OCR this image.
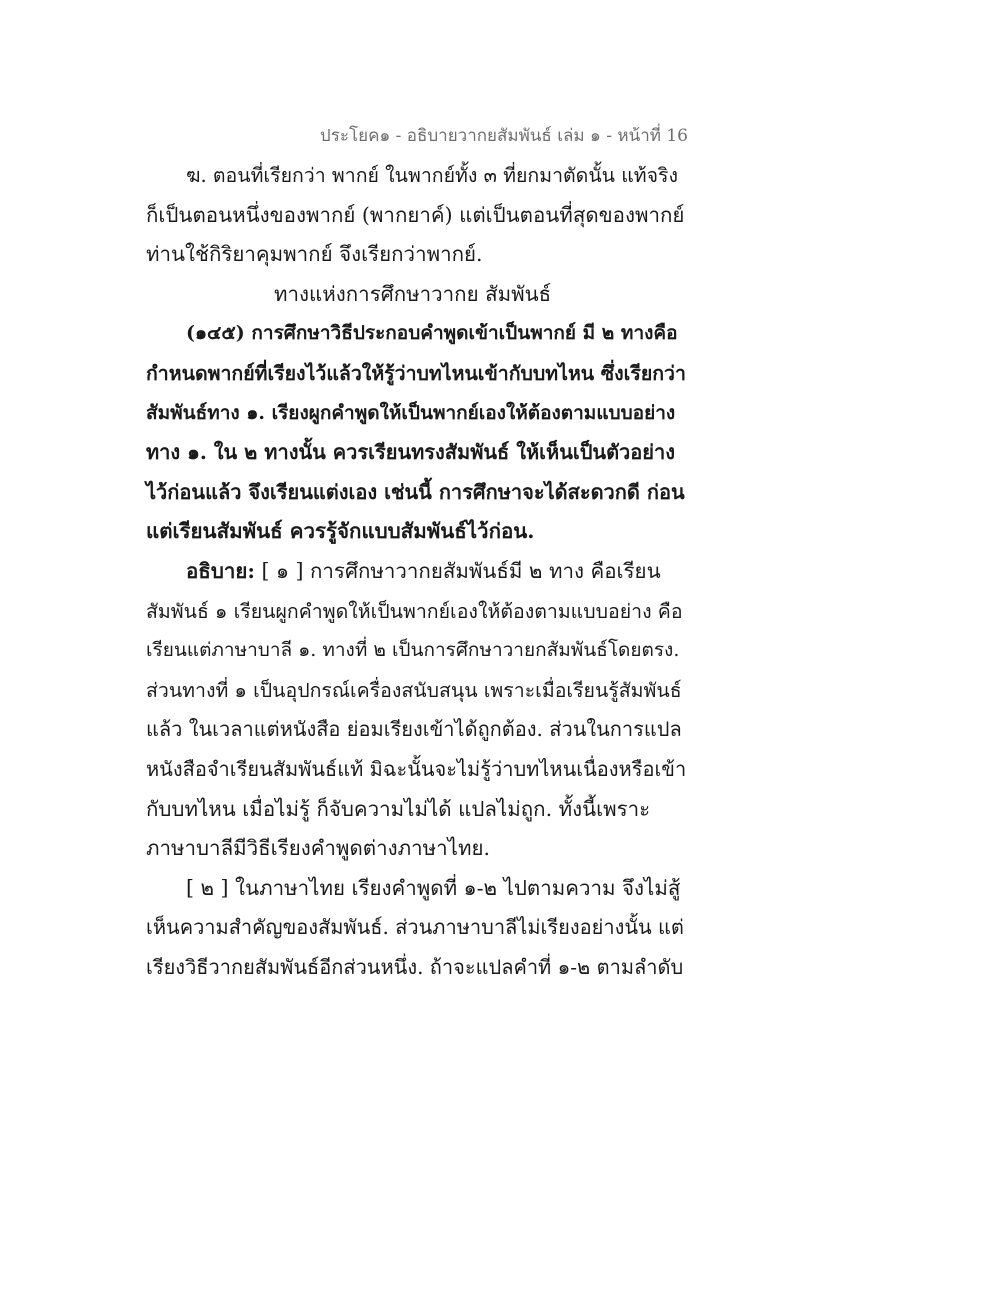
ประโยค๑ - อธิบายวากยสัมพันธ์ เล่ม ๑ - หน้าที่ 16
ฆ. ตอนที่เรียกว่า พากย์ ในพากย์ทั้ง ๓ ที่ยกมาตัดนั้น แท้จริง
ก็เป็นตอนหนึ่งของพากย์ (พากยาค์) แต่เป็นตอนที่สุดของพากย์
ท่านใช้กิริยาคุมพากย์ จึงเรียกว่าพากย์.
ทางแห่งการศึกษาวากย สัมพันธ์
(๑๔๕) การศึกษาวิธีประกอบคำพูดเข้าเป็นพากย์ มี ๒ ทางคือ
กำหนดพากย์ที่เรียงไว้แล้วให้รู้ว่าบทไหนเข้ากับบทไหน ซึ่งเรียกว่า
สัมพันธ์ทาง ๑. เรียงผูกคำพูดให้เป็นพากย์เองให้ต้องตามแบบอย่าง
ทาง ๑. ใน ๒ ทางนั้น ควรเรียนทรงสัมพันธ์ ให้เห็นเป็นตัวอย่าง
ไว้ก่อนแล้ว จึงเรียนแต่งเอง เช่นนี้ การศึกษาจะได้สะดวกดี ก่อน
แต่เรียนสัมพันธ์ ควรรู้จักแบบสัมพันธ์ไว้ก่อน.
อธิบาย: [ ๑ ] การศึกษาวากยสัมพันธ์มี ๒ ทาง คือเรียน
สัมพันธ์ ๑ เรียนผูกคำพูดให้เป็นพากย์เองให้ต้องตามแบบอย่าง คือ
เรียนแต่ภาษาบาลี ๑. ทางที่ ๒ เป็นการศึกษาวายกสัมพันธ์โดยตรง.
ส่วนทางที่ ๑ เป็นอุปกรณ์เครื่องสนับสนุน เพราะเมื่อเรียนรู้สัมพันธ์
แล้ว ในเวลาแต่หนังสือ ย่อมเรียงเข้าได้ถูกต้อง. ส่วนในการแปล
หนังสือจำเรียนสัมพันธ์แท้ มิฉะนั้นจะไม่รู้ว่าบทไหนเนื่องหรือเข้า
กับบทไหน เมื่อไม่รู้ ก็จับความไม่ได้ แปลไม่ถูก. ทั้งนี้เพราะ
ภาษาบาลีมีวิธีเรียงคำพูดต่างภาษาไทย.
[ ๒ ] ในภาษาไทย เรียงคำพูดที่ ๑-๒ ไปตามความ จึงไม่สู้
เห็นความสำคัญของสัมพันธ์. ส่วนภาษาบาลีไม่เรียงอย่างนั้น แต่
เรียงวิธีวากยสัมพันธ์อีกส่วนหนึ่ง. ถ้าจะแปลคำที่ ๑-๒ ตามลำดับ
